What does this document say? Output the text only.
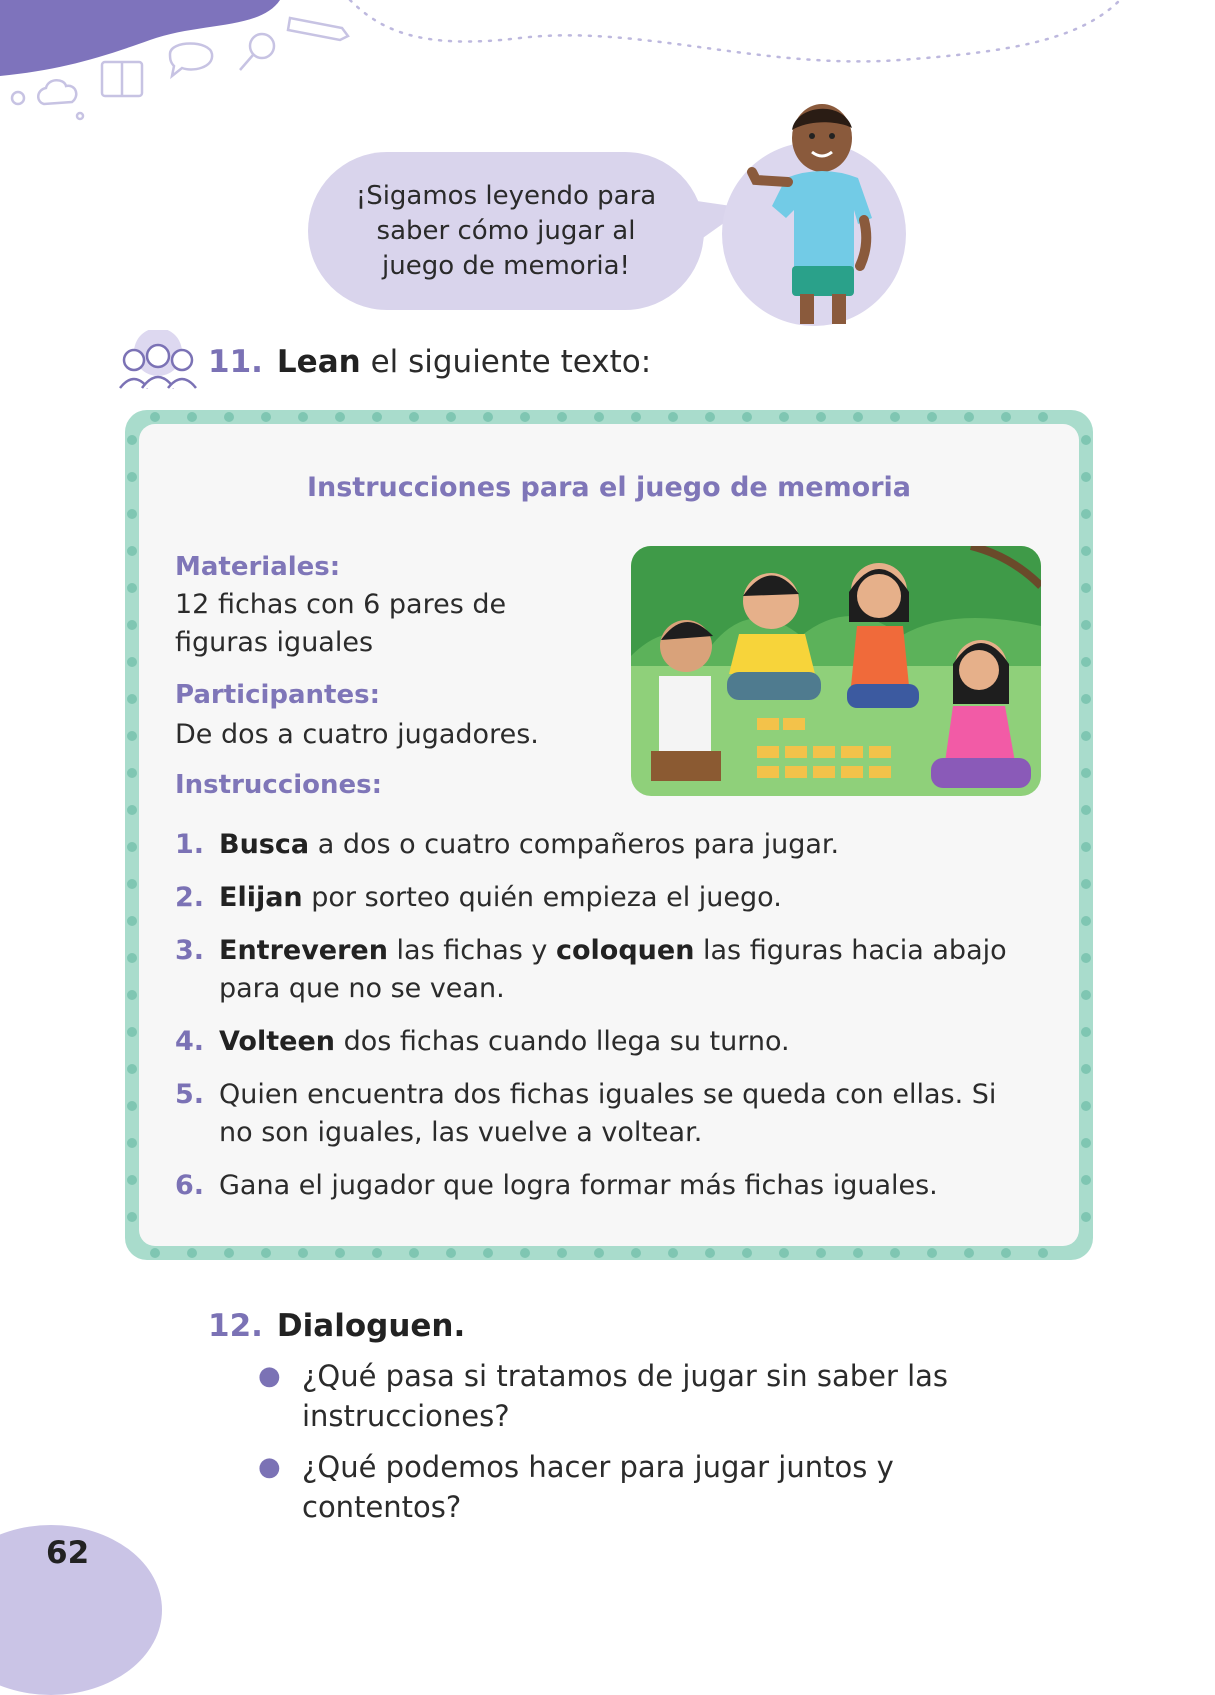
¡Sigamos leyendo para
saber cómo jugar al
juego de memoria!
11. Lean el siguiente texto:
Instrucciones para el juego de memoria
Materiales:
12 fichas con 6 pares de
figuras iguales
Participantes:
De dos a cuatro jugadores.
Instrucciones:
1. Busca a dos o cuatro compañeros para jugar.
2. Elijan por sorteo quién empieza el juego.
3. Entreveren las fichas y coloquen las figuras hacia abajo para que no se vean.
4. Volteen dos fichas cuando llega su turno.
5. Quien encuentra dos fichas iguales se queda con ellas. Si no son iguales, las vuelve a voltear.
6. Gana el jugador que logra formar más fichas iguales.
12. Dialoguen.
● ¿Qué pasa si tratamos de jugar sin saber las instrucciones?
● ¿Qué podemos hacer para jugar juntos y contentos?
62
